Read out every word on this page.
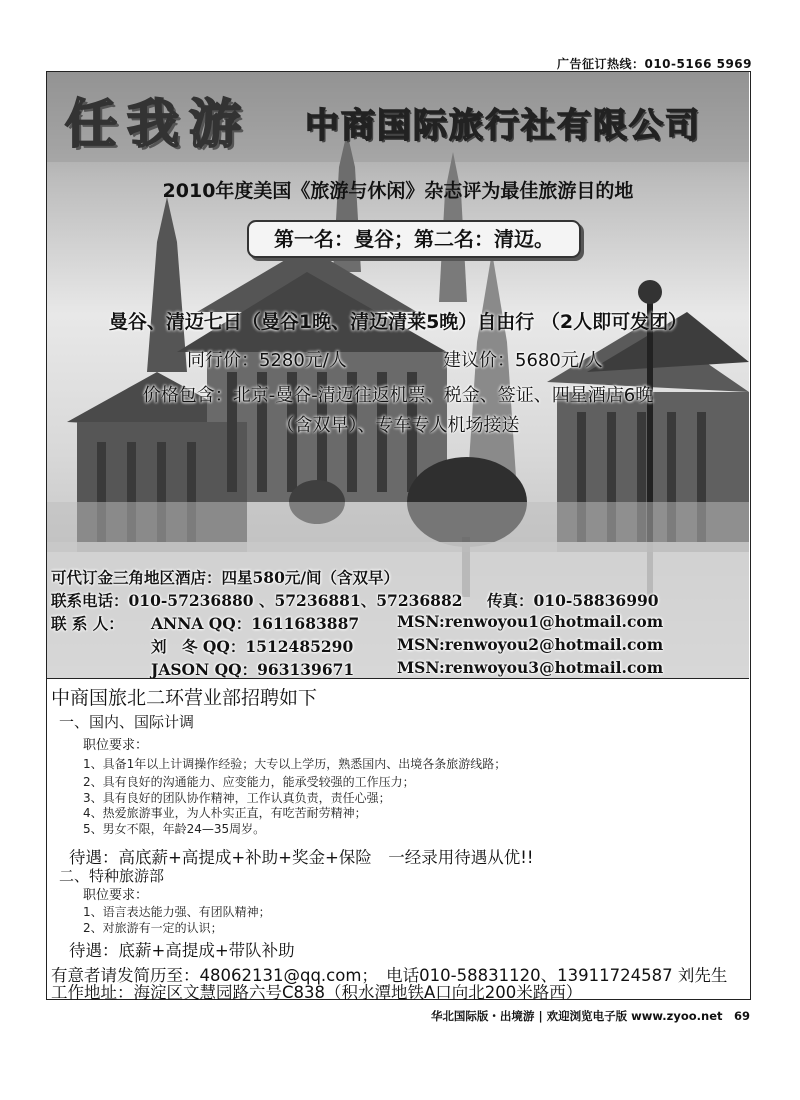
广告征订热线：010-5166 5969
任我游 中商国际旅行社有限公司
2010年度美国《旅游与休闲》杂志评为最佳旅游目的地
第一名：曼谷；第二名：清迈。
曼谷、清迈七日（曼谷1晚、清迈清莱5晚）自由行 （2人即可发团）
同行价：5280元/人	建议价：5680元/人
价格包含：北京-曼谷-清迈往返机票、税金、签证、四星酒店6晚
（含双早）、专车专人机场接送
可代订金三角地区酒店：四星580元/间（含双早）
联系电话：010-57236880 、57236881、57236882 传真：010-58836990
联 系 人： ANNA QQ：1611683887 MSN:renwoyou1@hotmail.com
刘　冬 QQ：1512485290	MSN:renwoyou2@hotmail.com
JASON QQ：963139671	MSN:renwoyou3@hotmail.com
中商国旅北二环营业部招聘如下
一、国内、国际计调
职位要求：
1、具备1年以上计调操作经验；大专以上学历，熟悉国内、出境各条旅游线路；
2、具有良好的沟通能力、应变能力，能承受较强的工作压力；
3、具有良好的团队协作精神，工作认真负责，责任心强；
4、热爱旅游事业，为人朴实正直，有吃苦耐劳精神；
5、男女不限，年龄24—35周岁。
待遇：高底薪+高提成+补助+奖金+保险　一经录用待遇从优!!
二、特种旅游部
职位要求：
1、语言表达能力强、有团队精神；
2、对旅游有一定的认识；
待遇：底薪+高提成+带队补助
有意者请发简历至：48062131@qq.com；　电话010-58831120、13911724587 刘先生
工作地址：海淀区文慧园路六号C838（积水潭地铁A口向北200米路西）
华北国际版・出境游 | 欢迎浏览电子版 www.zyoo.net　69
